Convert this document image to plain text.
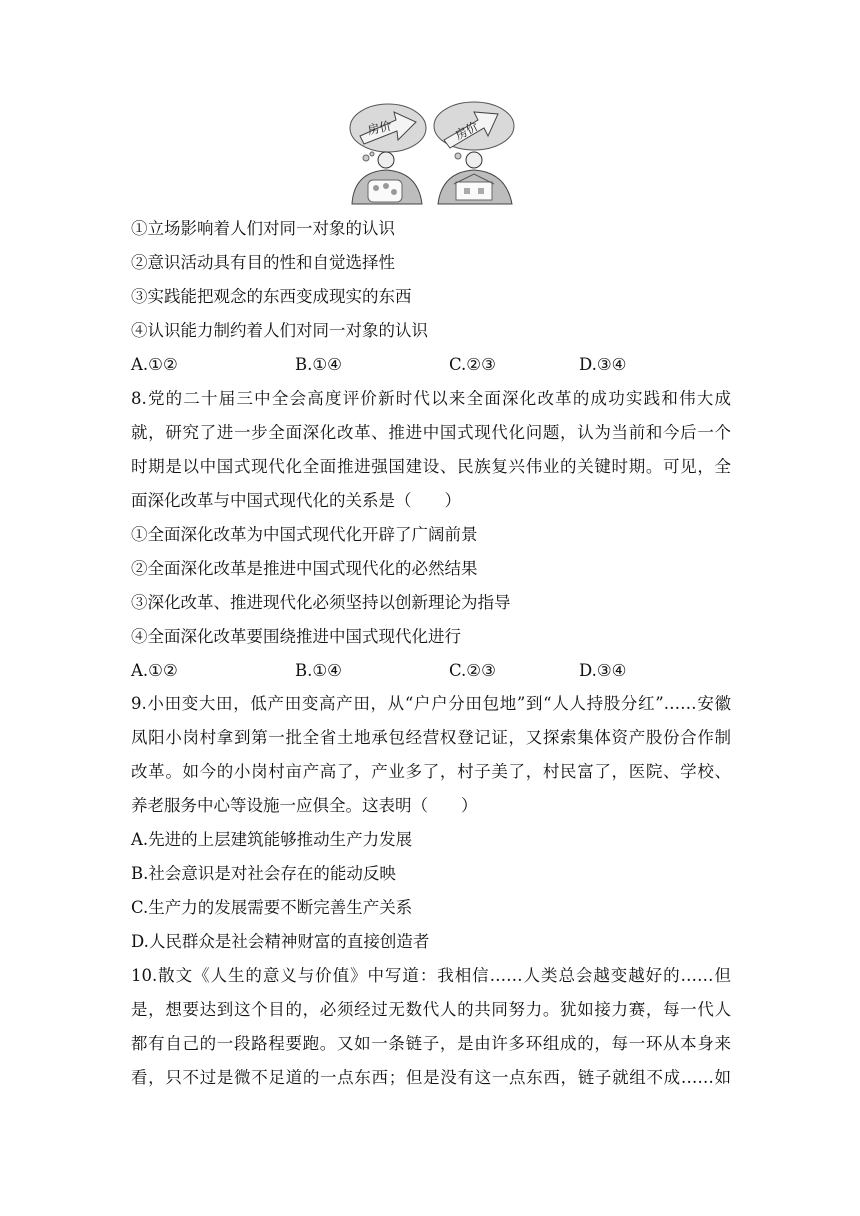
房价	房价
①立场影响着人们对同一对象的认识
②意识活动具有目的性和自觉选择性
③实践能把观念的东西变成现实的东西
④认识能力制约着人们对同一对象的认识
A.①②	B.①④	C.②③	D.③④
8.党的二十届三中全会高度评价新时代以来全面深化改革的成功实践和伟大成
就，研究了进一步全面深化改革、推进中国式现代化问题，认为当前和今后一个
时期是以中国式现代化全面推进强国建设、民族复兴伟业的关键时期。可见，全
面深化改革与中国式现代化的关系是（　　）
①全面深化改革为中国式现代化开辟了广阔前景
②全面深化改革是推进中国式现代化的必然结果
③深化改革、推进现代化必须坚持以创新理论为指导
④全面深化改革要围绕推进中国式现代化进行
A.①②	B.①④	C.②③	D.③④
9.小田变大田，低产田变高产田，从“户户分田包地”到“人人持股分红”……安徽
凤阳小岗村拿到第一批全省土地承包经营权登记证，又探索集体资产股份合作制
改革。如今的小岗村亩产高了，产业多了，村子美了，村民富了，医院、学校、
养老服务中心等设施一应俱全。这表明（　　）
A.先进的上层建筑能够推动生产力发展
B.社会意识是对社会存在的能动反映
C.生产力的发展需要不断完善生产关系
D.人民群众是社会精神财富的直接创造者
10.散文《人生的意义与价值》中写道：我相信……人类总会越变越好的……但
是，想要达到这个目的，必须经过无数代人的共同努力。犹如接力赛，每一代人
都有自己的一段路程要跑。又如一条链子，是由许多环组成的，每一环从本身来
看，只不过是微不足道的一点东西；但是没有这一点东西，链子就组不成……如
